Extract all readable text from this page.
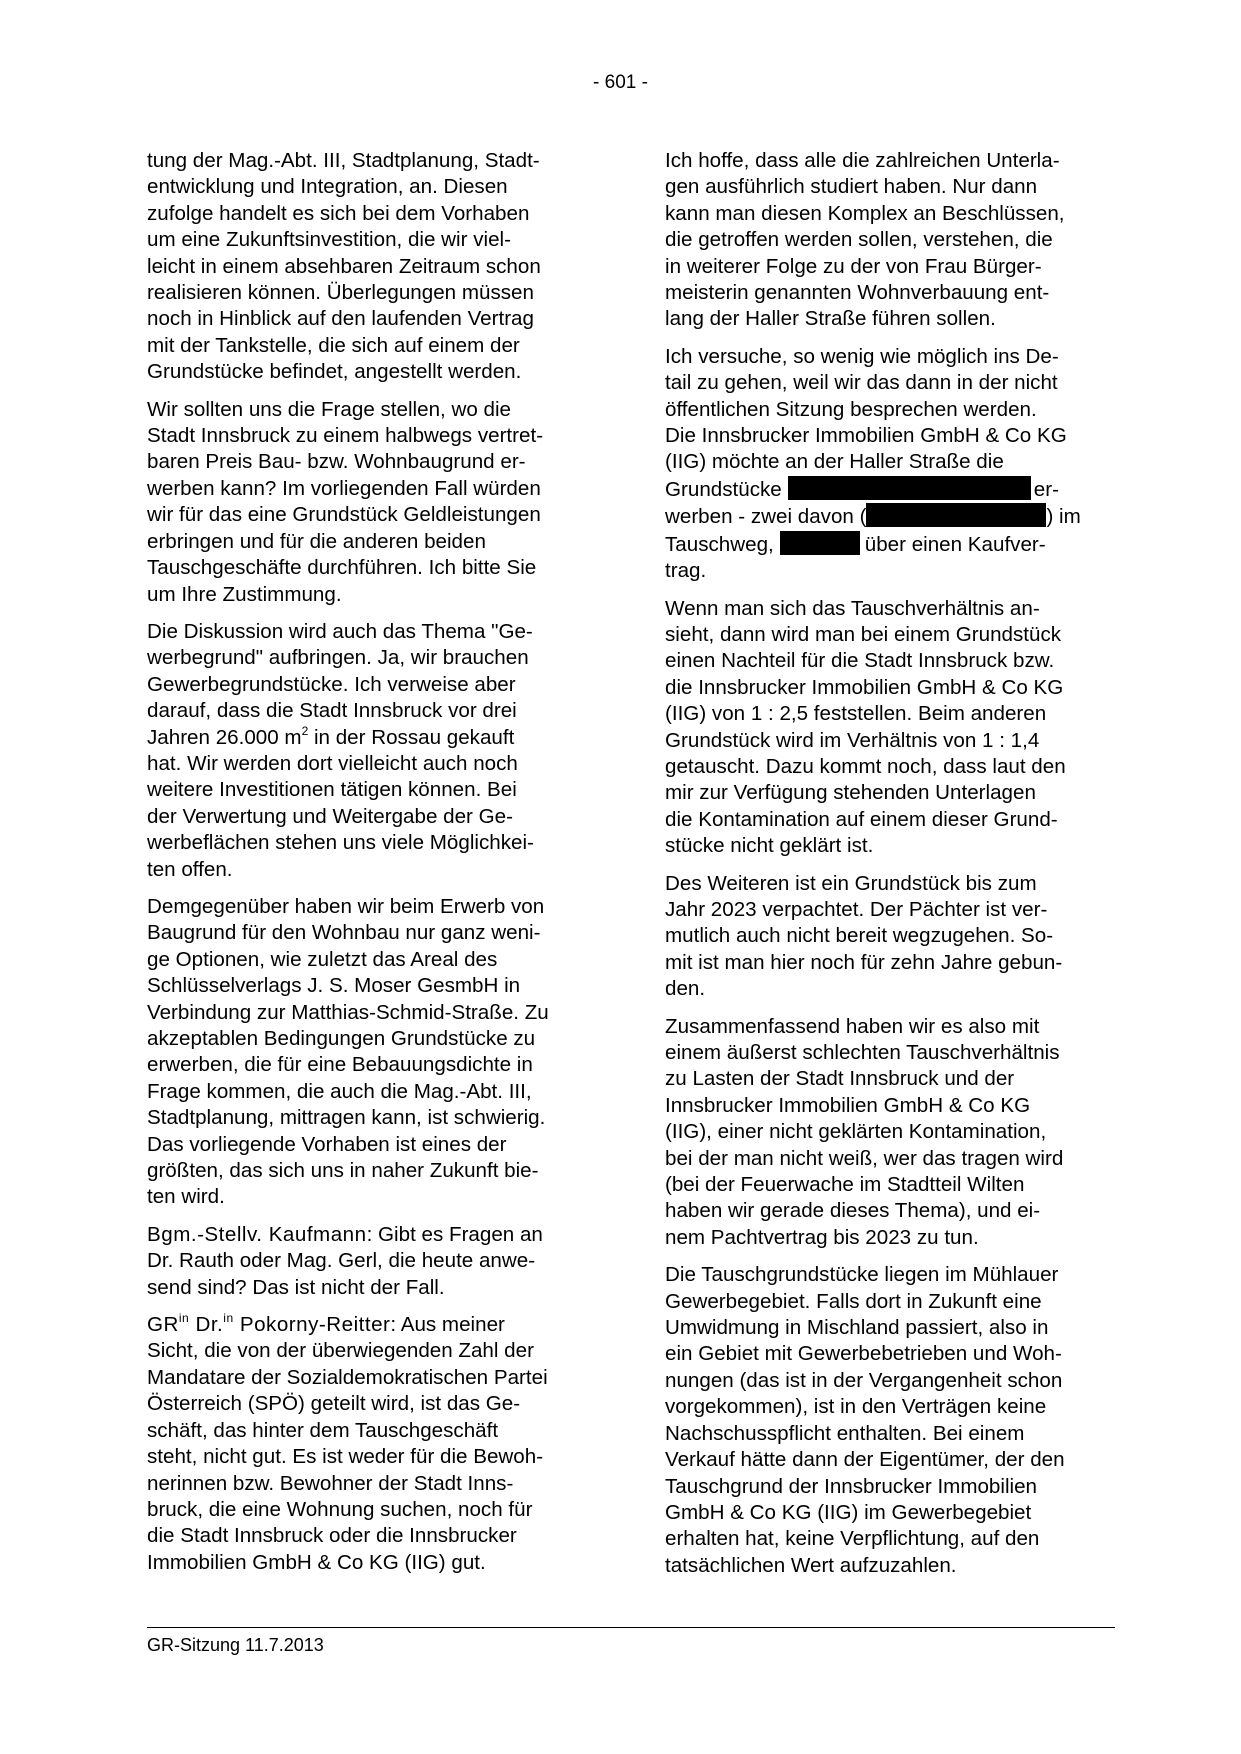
- 601 -

tung der Mag.-Abt. III, Stadtplanung, Stadt-
entwicklung und Integration, an. Diesen
zufolge handelt es sich bei dem Vorhaben
um eine Zukunftsinvestition, die wir viel-
leicht in einem absehbaren Zeitraum schon
realisieren können. Überlegungen müssen
noch in Hinblick auf den laufenden Vertrag
mit der Tankstelle, die sich auf einem der
Grundstücke befindet, angestellt werden.

Wir sollten uns die Frage stellen, wo die
Stadt Innsbruck zu einem halbwegs vertret-
baren Preis Bau- bzw. Wohnbaugrund er-
werben kann? Im vorliegenden Fall würden
wir für das eine Grundstück Geldleistungen
erbringen und für die anderen beiden
Tauschgeschäfte durchführen. Ich bitte Sie
um Ihre Zustimmung.

Die Diskussion wird auch das Thema "Ge-
werbegrund" aufbringen. Ja, wir brauchen
Gewerbegrundstücke. Ich verweise aber
darauf, dass die Stadt Innsbruck vor drei
Jahren 26.000 $m^2$ in der Rossau gekauft
hat. Wir werden dort vielleicht auch noch
weitere Investitionen tätigen können. Bei
der Verwertung und Weitergabe der Ge-
werbeflächen stehen uns viele Möglichkei-
ten offen.

Demgegenüber haben wir beim Erwerb von
Baugrund für den Wohnbau nur ganz weni-
ge Optionen, wie zuletzt das Areal des
Schlüsselverlags J. S. Moser GesmbH in
Verbindung zur Matthias-Schmid-Straße. Zu
akzeptablen Bedingungen Grundstücke zu
erwerben, die für eine Bebauungsdichte in
Frage kommen, die auch die Mag.-Abt. III,
Stadtplanung, mittragen kann, ist schwierig.
Das vorliegende Vorhaben ist eines der
größten, das sich uns in naher Zukunft bie-
ten wird.

Bgm.-Stellv. Kaufmann: Gibt es Fragen an
Dr. Rauth oder Mag. Gerl, die heute anwe-
send sind? Das ist nicht der Fall.

$GR^{in}$ Dr.$^{in}$ Pokorny-Reitter: Aus meiner
Sicht, die von der überwiegenden Zahl der
Mandatare der Sozialdemokratischen Partei
Österreich (SPÖ) geteilt wird, ist das Ge-
schäft, das hinter dem Tauschgeschäft
steht, nicht gut. Es ist weder für die Bewoh-
nerinnen bzw. Bewohner der Stadt Inns-
bruck, die eine Wohnung suchen, noch für
die Stadt Innsbruck oder die Innsbrucker
Immobilien GmbH & Co KG (IIG) gut.

Ich hoffe, dass alle die zahlreichen Unterla-
gen ausführlich studiert haben. Nur dann
kann man diesen Komplex an Beschlüssen,
die getroffen werden sollen, verstehen, die
in weiterer Folge zu der von Frau Bürger-
meisterin genannten Wohnverbauung ent-
lang der Haller Straße führen sollen.

Ich versuche, so wenig wie möglich ins De-
tail zu gehen, weil wir das dann in der nicht
öffentlichen Sitzung besprechen werden.
Die Innsbrucker Immobilien GmbH & Co KG
(IIG) möchte an der Haller Straße die
Grundstücke	er-
werben - zwei davon (	) im
Tauschweg,	über einen Kaufver-
trag.

Wenn man sich das Tauschverhältnis an-
sieht, dann wird man bei einem Grundstück
einen Nachteil für die Stadt Innsbruck bzw.
die Innsbrucker Immobilien GmbH & Co KG
(IIG) von 1 : 2,5 feststellen. Beim anderen
Grundstück wird im Verhältnis von 1 : 1,4
getauscht. Dazu kommt noch, dass laut den
mir zur Verfügung stehenden Unterlagen
die Kontamination auf einem dieser Grund-
stücke nicht geklärt ist.

Des Weiteren ist ein Grundstück bis zum
Jahr 2023 verpachtet. Der Pächter ist ver-
mutlich auch nicht bereit wegzugehen. So-
mit ist man hier noch für zehn Jahre gebun-
den.

Zusammenfassend haben wir es also mit
einem äußerst schlechten Tauschverhältnis
zu Lasten der Stadt Innsbruck und der
Innsbrucker Immobilien GmbH & Co KG
(IIG), einer nicht geklärten Kontamination,
bei der man nicht weiß, wer das tragen wird
(bei der Feuerwache im Stadtteil Wilten
haben wir gerade dieses Thema), und ei-
nem Pachtvertrag bis 2023 zu tun.

Die Tauschgrundstücke liegen im Mühlauer
Gewerbegebiet. Falls dort in Zukunft eine
Umwidmung in Mischland passiert, also in
ein Gebiet mit Gewerbebetrieben und Woh-
nungen (das ist in der Vergangenheit schon
vorgekommen), ist in den Verträgen keine
Nachschusspflicht enthalten. Bei einem
Verkauf hätte dann der Eigentümer, der den
Tauschgrund der Innsbrucker Immobilien
GmbH & Co KG (IIG) im Gewerbegebiet
erhalten hat, keine Verpflichtung, auf den
tatsächlichen Wert aufzuzahlen.

GR-Sitzung 11.7.2013
